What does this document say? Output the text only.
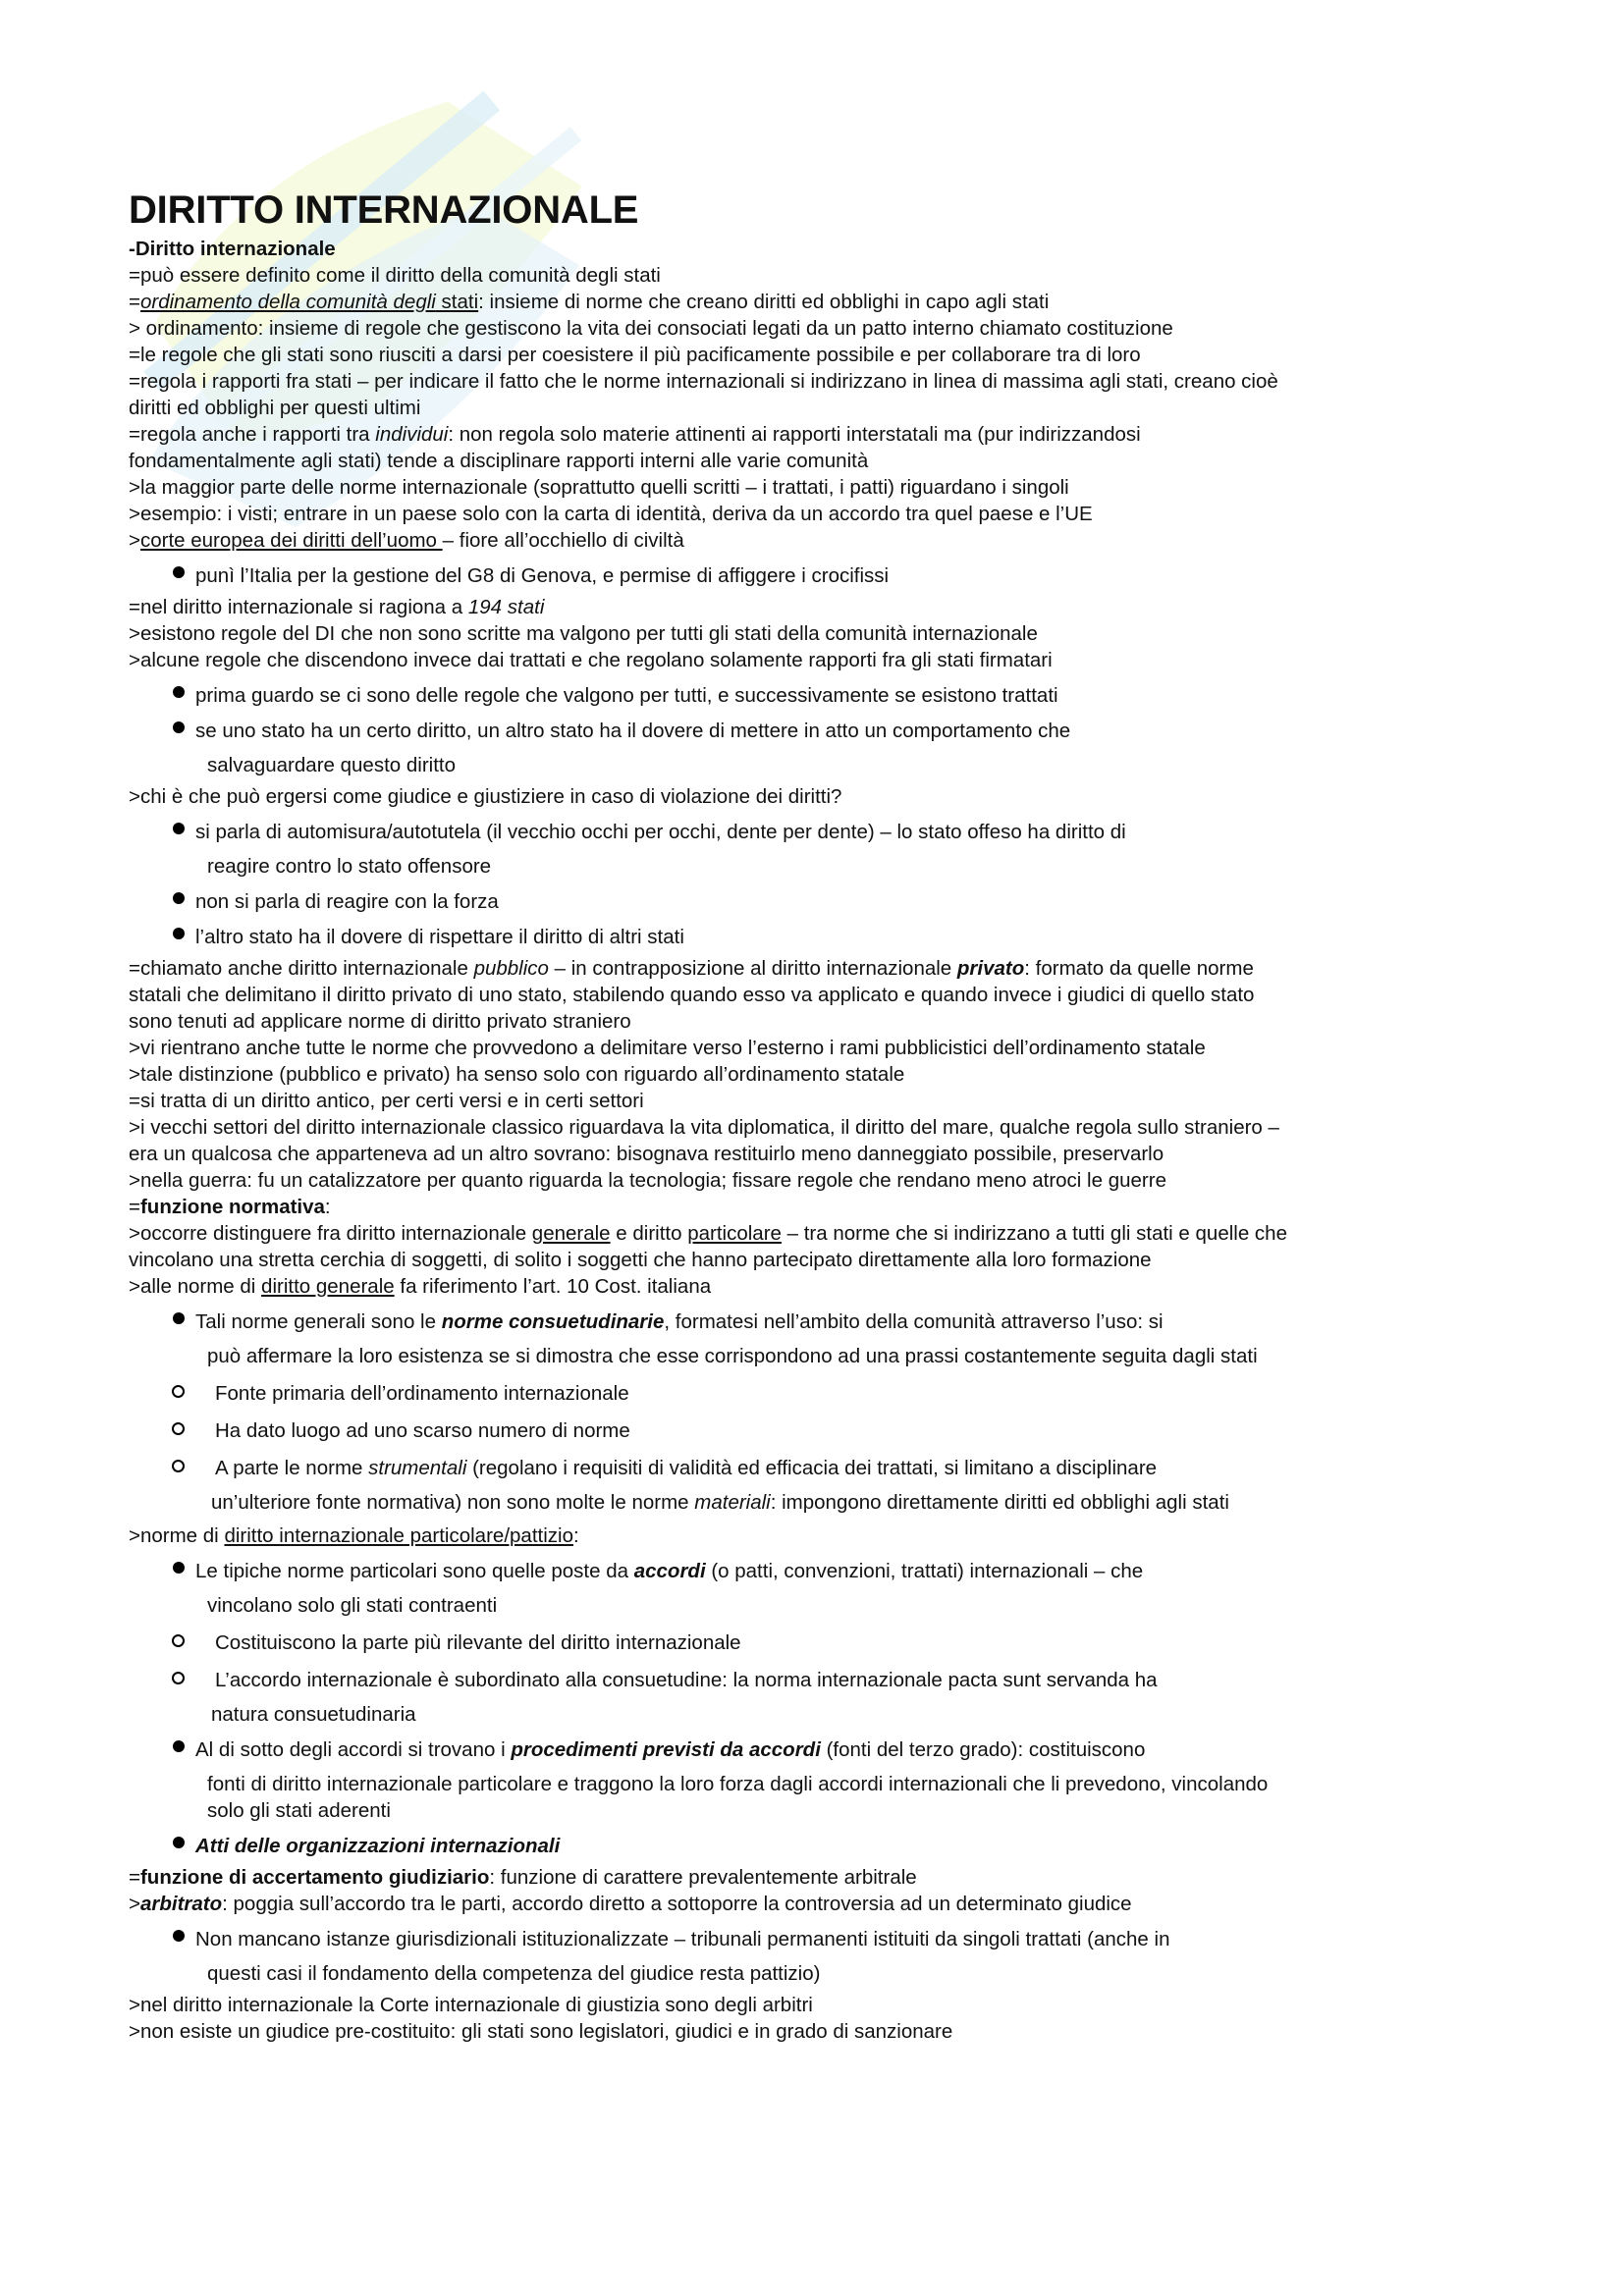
DIRITTO INTERNAZIONALE
-Diritto internazionale
=può essere definito come il diritto della comunità degli stati
=ordinamento della comunità degli stati: insieme di norme che creano diritti ed obblighi in capo agli stati
> ordinamento: insieme di regole che gestiscono la vita dei consociati legati da un patto interno chiamato costituzione
=le regole che gli stati sono riusciti a darsi per coesistere il più pacificamente possibile e per collaborare tra di loro
=regola i rapporti fra stati – per indicare il fatto che le norme internazionali si indirizzano in linea di massima agli stati, creano cioè diritti ed obblighi per questi ultimi
=regola anche i rapporti tra individui: non regola solo materie attinenti ai rapporti interstatali ma (pur indirizzandosi fondamentalmente agli stati) tende a disciplinare rapporti interni alle varie comunità
>la maggior parte delle norme internazionale (soprattutto quelli scritti – i trattati, i patti) riguardano i singoli
>esempio: i visti; entrare in un paese solo con la carta di identità, deriva da un accordo tra quel paese e l’UE
>corte europea dei diritti dell’uomo – fiore all’occhiello di civiltà
punì l’Italia per la gestione del G8 di Genova, e permise di affiggere i crocifissi
=nel diritto internazionale si ragiona a 194 stati
>esistono regole del DI che non sono scritte ma valgono per tutti gli stati della comunità internazionale
>alcune regole che discendono invece dai trattati e che regolano solamente rapporti fra gli stati firmatari
prima guardo se ci sono delle regole che valgono per tutti, e successivamente se esistono trattati
se uno stato ha un certo diritto, un altro stato ha il dovere di mettere in atto un comportamento che
salvaguardare questo diritto
>chi è che può ergersi come giudice e giustiziere in caso di violazione dei diritti?
si parla di automisura/autotutela (il vecchio occhi per occhi, dente per dente) – lo stato offeso ha diritto di
reagire contro lo stato offensore
non si parla di reagire con la forza
l’altro stato ha il dovere di rispettare il diritto di altri stati
=chiamato anche diritto internazionale pubblico – in contrapposizione al diritto internazionale privato: formato da quelle norme statali che delimitano il diritto privato di uno stato, stabilendo quando esso va applicato e quando invece i giudici di quello stato sono tenuti ad applicare norme di diritto privato straniero
>vi rientrano anche tutte le norme che provvedono a delimitare verso l’esterno i rami pubblicistici dell’ordinamento statale
>tale distinzione (pubblico e privato) ha senso solo con riguardo all’ordinamento statale
=si tratta di un diritto antico, per certi versi e in certi settori
>i vecchi settori del diritto internazionale classico riguardava la vita diplomatica, il diritto del mare, qualche regola sullo straniero – era un qualcosa che apparteneva ad un altro sovrano: bisognava restituirlo meno danneggiato possibile, preservarlo
>nella guerra: fu un catalizzatore per quanto riguarda la tecnologia; fissare regole che rendano meno atroci le guerre
=funzione normativa:
>occorre distinguere fra diritto internazionale generale e diritto particolare – tra norme che si indirizzano a tutti gli stati e quelle che vincolano una stretta cerchia di soggetti, di solito i soggetti che hanno partecipato direttamente alla loro formazione
>alle norme di diritto generale fa riferimento l’art. 10 Cost. italiana
Tali norme generali sono le norme consuetudinarie, formatesi nell’ambito della comunità attraverso l’uso: si
può affermare la loro esistenza se si dimostra che esse corrispondono ad una prassi costantemente seguita dagli stati
Fonte primaria dell’ordinamento internazionale
Ha dato luogo ad uno scarso numero di norme
A parte le norme strumentali (regolano i requisiti di validità ed efficacia dei trattati, si limitano a disciplinare
un’ulteriore fonte normativa) non sono molte le norme materiali: impongono direttamente diritti ed obblighi agli stati
>norme di diritto internazionale particolare/pattizio:
Le tipiche norme particolari sono quelle poste da accordi (o patti, convenzioni, trattati) internazionali – che
vincolano solo gli stati contraenti
Costituiscono la parte più rilevante del diritto internazionale
L’accordo internazionale è subordinato alla consuetudine: la norma internazionale pacta sunt servanda ha
natura consuetudinaria
Al di sotto degli accordi si trovano i procedimenti previsti da accordi (fonti del terzo grado): costituiscono
fonti di diritto internazionale particolare e traggono la loro forza dagli accordi internazionali che li prevedono, vincolando solo gli stati aderenti
Atti delle organizzazioni internazionali
=funzione di accertamento giudiziario: funzione di carattere prevalentemente arbitrale
>arbitrato: poggia sull’accordo tra le parti, accordo diretto a sottoporre la controversia ad un determinato giudice
Non mancano istanze giurisdizionali istituzionalizzate – tribunali permanenti istituiti da singoli trattati (anche in
questi casi il fondamento della competenza del giudice resta pattizio)
>nel diritto internazionale la Corte internazionale di giustizia sono degli arbitri
>non esiste un giudice pre-costituito: gli stati sono legislatori, giudici e in grado di sanzionare
